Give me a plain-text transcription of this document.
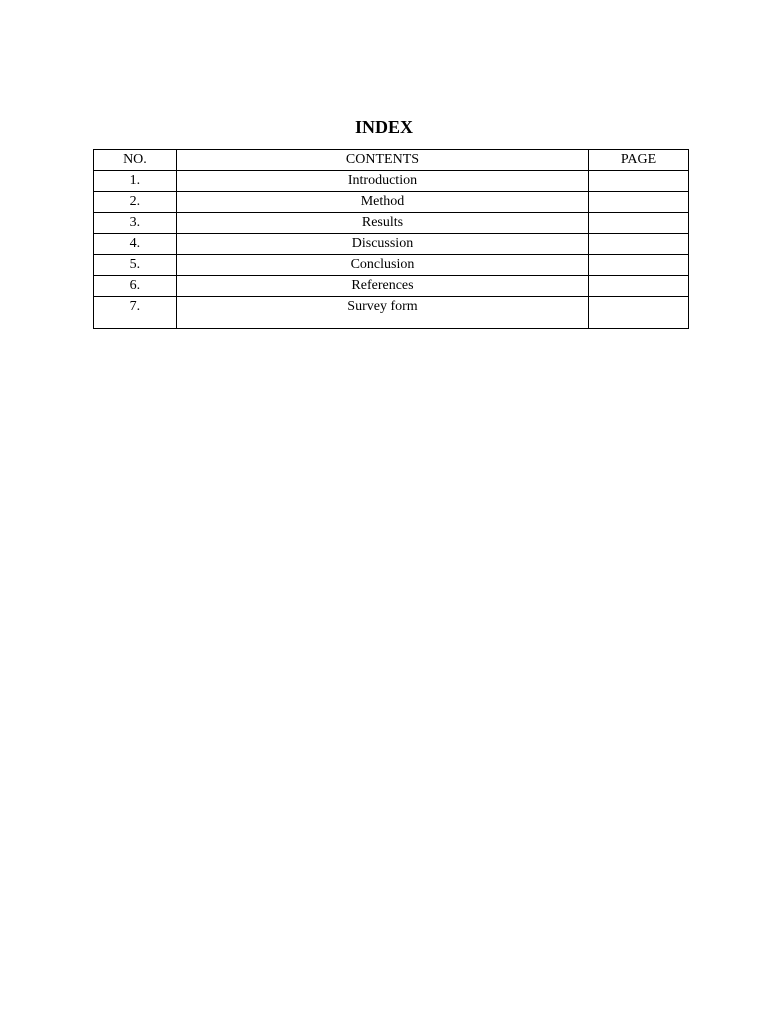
INDEX
NO.	CONTENTS	PAGE
1.	Introduction	
2.	Method	
3.	Results	
4.	Discussion	
5.	Conclusion	
6.	References	
7.	Survey form	
